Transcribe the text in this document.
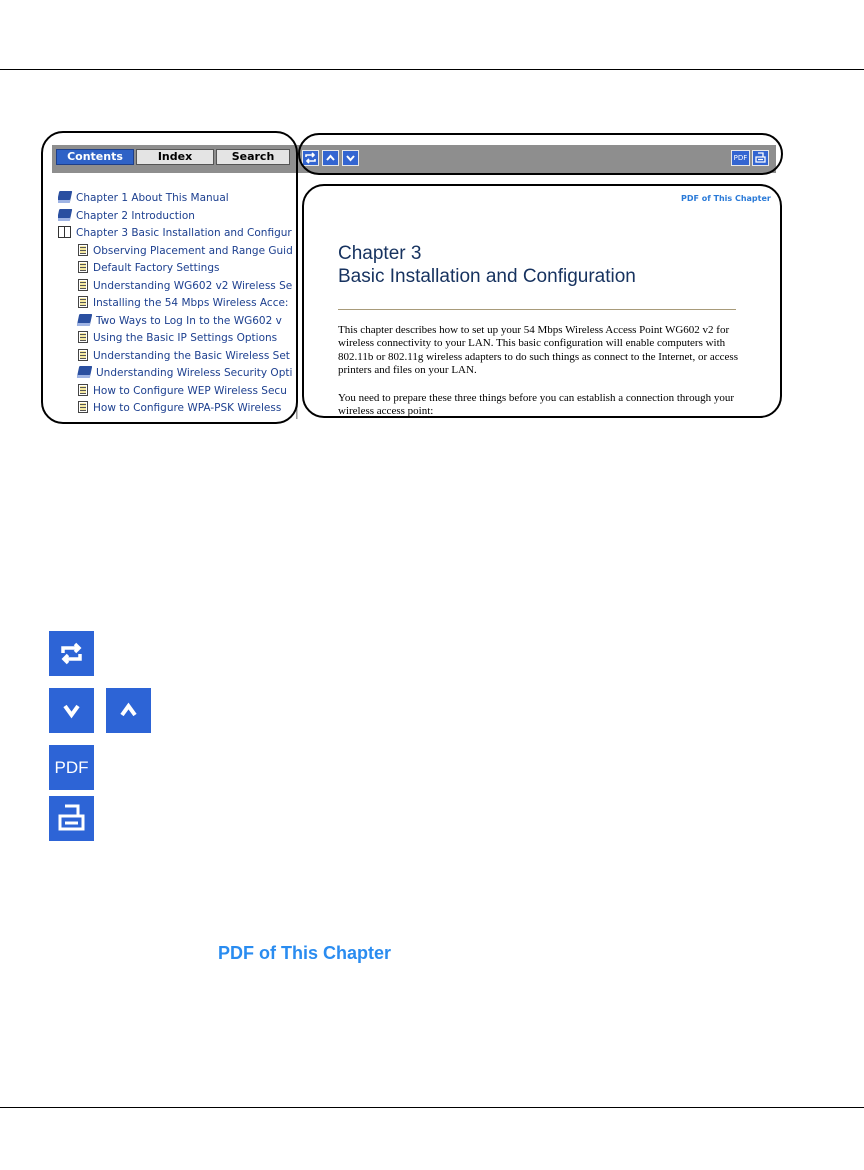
Contents	Index	Search
Chapter 1 About This Manual
Chapter 2 Introduction
Chapter 3 Basic Installation and Configur
Observing Placement and Range Guid
Default Factory Settings
Understanding WG602 v2 Wireless Se
Installing the 54 Mbps Wireless Acce:
Two Ways to Log In to the WG602 v
Using the Basic IP Settings Options
Understanding the Basic Wireless Set
Understanding Wireless Security Opti
How to Configure WEP Wireless Secu
How to Configure WPA-PSK Wireless
PDF
PDF of This Chapter
Chapter 3
Basic Installation and Configuration

This chapter describes how to set up your 54 Mbps Wireless Access Point WG602 v2 for wireless connectivity to your LAN. This basic configuration will enable computers with 802.11b or 802.11g wireless adapters to do such things as connect to the Internet, or access printers and files on your LAN.

You need to prepare these three things before you can establish a connection through your wireless access point:

PDF
PDF of This Chapter
